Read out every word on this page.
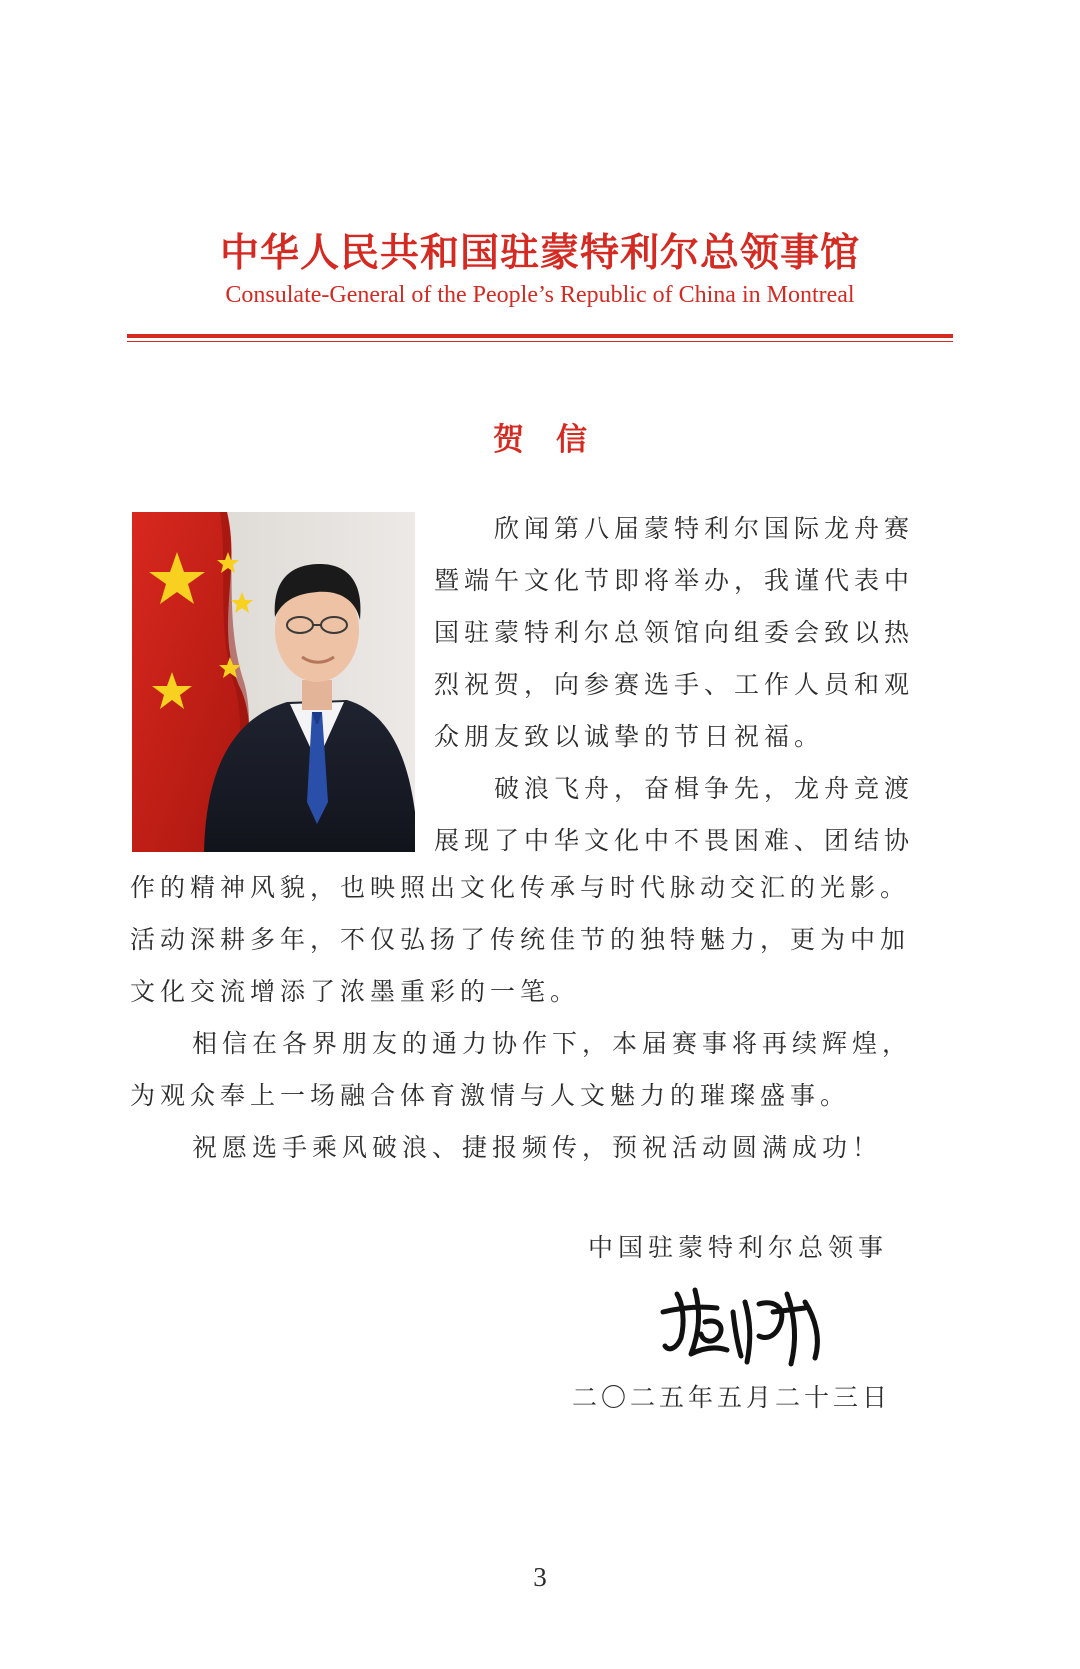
中华人民共和国驻蒙特利尔总领事馆
Consulate-General of the People’s Republic of China in Montreal
贺 信
欣闻第八届蒙特利尔国际龙舟赛
暨端午文化节即将举办，我谨代表中
国驻蒙特利尔总领馆向组委会致以热
烈祝贺，向参赛选手、工作人员和观
众朋友致以诚挚的节日祝福。
破浪飞舟，奋楫争先，龙舟竞渡
展现了中华文化中不畏困难、团结协
作的精神风貌，也映照出文化传承与时代脉动交汇的光影。
活动深耕多年，不仅弘扬了传统佳节的独特魅力，更为中加
文化交流增添了浓墨重彩的一笔。
相信在各界朋友的通力协作下，本届赛事将再续辉煌，
为观众奉上一场融合体育激情与人文魅力的璀璨盛事。
祝愿选手乘风破浪、捷报频传，预祝活动圆满成功！
中国驻蒙特利尔总领事
二〇二五年五月二十三日
3
